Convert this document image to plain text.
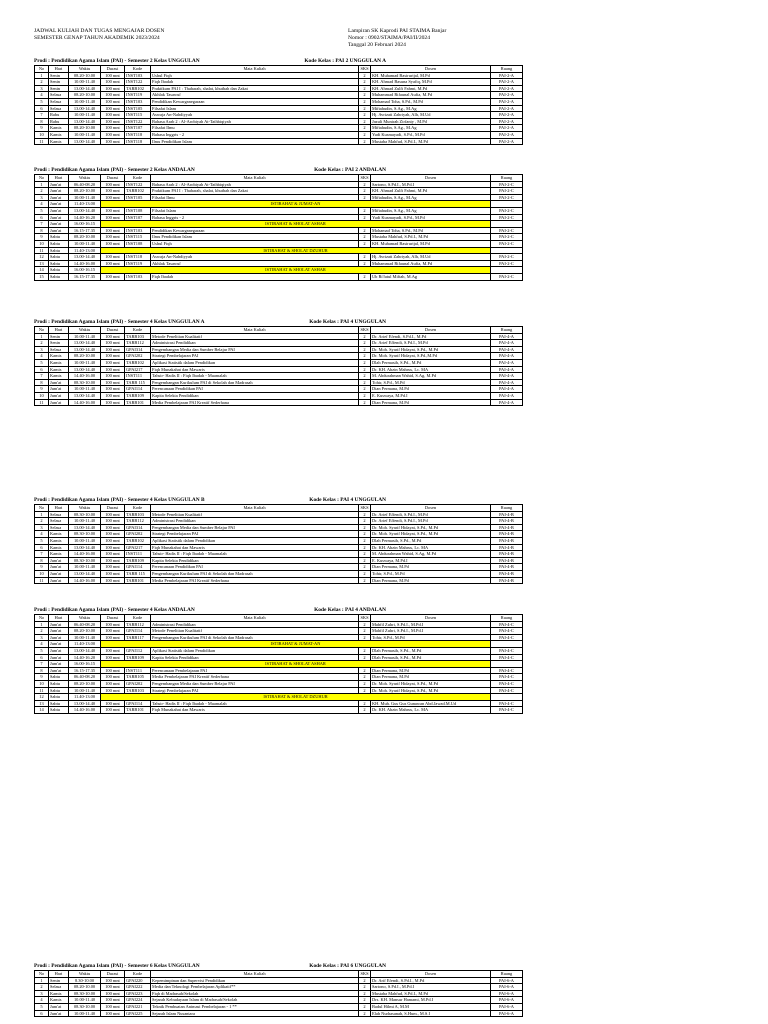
JADWAL KULIAH DAN TUGAS MENGAJAR DOSEN
SEMESTER GENAP TAHUN AKADEMIK 2023/2024
Lampiran SK Kaprodi PAI STAIMA Banjar
Nomor : 0902/STAIMA/PAI/II/2024
Tanggal 20 Februari 2024
Prodi : Pendidikan Agama Islam (PAI) - Semester 2 Kelas UNGGULAN	Kode Kelas : PAI 2 UNGGULAN A
No	Hari	Waktu	Durasi	Kode	Mata Kuliah	SKS	Dosen	Ruang
1	Senin	08.20-10.00	100 mnt	INST103	Ushul Fiqh	2	KH. Muhamad Basirurijal, M.Pd	PAI-2-A
2	Senin	10.00-11.40	100 mnt	INST122	Fiqh Ibadah	2	KH. Ahmad Basuna Syafiq, M.Pd	PAI-2-A
3	Senin	13.00-14.40	100 mnt	TARB102	Praktikum PAI I : Thaharah, shalat, khutbah dan Zakat	2	KH. Ahmad Zulfi Fahmi, M.Pd	PAI-2-A
4	Selasa	08.20-10.00	100 mnt	INST119	Akhlak Tasawuf	2	Muhammad Rifaunal Aufia, M.Pd	PAI-2-A
5	Selasa	10.00-11.40	100 mnt	INST103	Pendidikan Kewarganegaraan	2	Mohamad Toha, S.Pd., M.Pd	PAI-2-A
6	Selasa	13.00-14.40	100 mnt	INST105	Filsafat Islam	2	Miftahudin, S.Ag., M.Ag	PAI-2-A
7	Rabu	10.00-11.40	100 mnt	INST115	Aswaja An-Nahdiyyah	2	Hj. Avrizati Zahriyah, Alh, M.Ud	PAI-2-A
8	Rabu	13.00-14.40	100 mnt	INST122	Bahasa Arab 2 : Al-Arobiyah At-Tathbiqiyah	2	Jazuli Munirah Zirfaniy , M.Pd	PAI-2-A
9	Kamis	08.20-10.00	100 mnt	INST107	Filsafat Ilmu	2	Miftahudin, S.Ag., M.Ag	PAI-2-A
10	Kamis	10.00-11.40	100 mnt	INST118	Bahasa Inggris - 2	2	Yudi Kusmayadi, S.Pd., M.Pd	PAI-2-A
11	Kamis	13.00-14.40	100 mnt	INST118	Ilmu Pendidikan Islam	2	Mustaba Mahfud, S.Pd.I., M.Pd	PAI-2-A
Prodi : Pendidikan Agama Islam (PAI) - Semester 2 Kelas ANDALAN	Kode Kelas : PAI 2 ANDALAN
No	Hari	Waktu	Durasi	Kode	Mata Kuliah	SKS	Dosen	Ruang
1	Jum'at	06.40-08.20	100 mnt	INST122	Bahasa Arab 2 : Al-Arobiyah At-Tathbiqiyah	2	Sartono, S.Pd.I., M.Pd.I	PAI-2-C
2	Jum'at	08.20-10.00	100 mnt	TARB102	Praktikum PAI I : Thaharah, shalat, khutbah dan Zakat	2	KH. Ahmad Zulfi Fahmi, M.Pd	PAI-2-C
3	Jum'at	10.00-11.40	100 mnt	INST105	Filsafat Ilmu	2	Miftahudin, S.Ag., M.Ag	PAI-2-C
4	Jum'at	11.40-13.00	ISTIRAHAT & JUMAT-AN					
5	Jum'at	13.00-14.40	100 mnt	INST108	Filsafat Islam	2	Miftahudin, S.Ag., M.Ag	PAI-2-C
6	Jum'at	14.40-16.20	100 mnt	INST107	Bahasa Inggris - 2	2	Yudi Kusmayadi, S.Pd., M.Pd	PAI-2-C
7	Jum'at	16.00-16.15	ISTIRAHAT & SHOLAT ASHAR					
8	Jum'at	16.15-17.35	100 mnt	INST103	Pendidikan Kewarganegaraan	2	Mohamad Toha, S.Pd., M.Pd	PAI-2-C
9	Sabtu	08.20-10.00	100 mnt	INST115	Ilmu Pendidikan Islam	2	Mustaba Mahfud, S.Pd.I., M.Pd	PAI-2-C
10	Sabtu	10.00-11.40	100 mnt	INST108	Ushul Fiqh	2	KH. Muhamad Basirurijal, M.Pd	PAI-2-C
11	Sabtu	11.40-13.00	ISTIRAHAT & SHOLAT DZUHUR					
12	Sabtu	13.00-14.40	100 mnt	INST118	Aswaja An-Nahdiyyah	2	Hj. Avrizati Zahriyah, Alh, M.Ud	PAI-2-C
13	Sabtu	14.40-16.00	100 mnt	INST119	Akhlak Tasawuf	2	Muhammad Rifaunal Aufia, M.Pd	PAI-2-C
14	Sabtu	16.00-16.15	ISTIRAHAT & SHOLAT ASHAR					
15	Sabtu	16.15-17.35	100 mnt	INST103	Fiqh Ibadah	2	Ub Ri'fatul Miftah, M.Ag	PAI-2-C
Prodi : Pendidikan Agama Islam (PAI) - Semester 4 Kelas UNGGULAN A	Kode Kelas : PAI 4 UNGGULAN
No	Hari	Waktu	Durasi	Kode	Mata Kuliah	SKS	Dosen	Ruang
1	Senin	10.00-11.40	100 mnt	TARB103	Metode Penelitian Kualitatif	2	Dr. Arief Efendi, S.Pd.I., M.Pd	PAI-4-A
2	Senin	13.00-14.40	100 mnt	TARB112	Administrasi Pendidikan	2	Dr. Arief Effendi, S.Pd.I., M.Pd	PAI-4-A
3	Selasa	13.00-14.40	100 mnt	GPAI314	Pengembangan Media dan Sumber Belajar PAI	2	Dr. Moh. Syarif Hidayat, S.Pd., M.Pd	PAI-4-A
4	Kamis	08.20-10.00	100 mnt	GPAI202	Strategi Pembelajaran PAI	2	Dr. Moh. Syarif Hidayat, S.Pd.,M.Pd	PAI-4-A
5	Kamis	10.00-11.40	100 mnt	TARB102	Aplikasi Statistik dalam Pendidikan	2	Dlah Permasih, S.Pd., M.Pd	PAI-4-A
6	Kamis	13.00-14.40	100 mnt	GPAI217	Fiqh Munakahat dan Mawaris	2	Dr. KH. Abzin Mahrus, Lc. MA	PAI-4-A
7	Kamis	14.40-16.00	100 mnt	INST111	Tahsir- Hadis II : Fiqh Ibadah - Muamalah	2	M. Abdurahman Wahid, S.Ag, M.Pd	PAI-4-A
8	Jum'at	08.30-10.00	100 mnt	TARB 115	Pengembangan Kurikulum PAI di Sekolah dan Madrasah	2	Tohir, S.Pd., M.Pd	PAI-4-A
9	Jum'at	10.00-11.40	100 mnt	GPAI114	Perencanaan Pendidikan PAI	2	Dian Permana, M.Pd	PAI-4-A
10	Jum'at	13.00-14.40	100 mnt	TARB109	Kapita Selekta Pendidikan	2	E. Kuswaya, M.Pd.I	PAI-4-A
11	Jum'at	14.40-16.00	100 mnt	TARB101	Media Pembelajaran PAI Kreatif Sederhana	2	Dian Permana, M.Pd	PAI-4-A
Prodi : Pendidikan Agama Islam (PAI) - Semester 4 Kelas UNGGULAN B	Kode Kelas : PAI 4 UNGGULAN
No	Hari	Waktu	Durasi	Kode	Mata Kuliah	SKS	Dosen	Ruang
1	Selasa	08.30-10.00	100 mnt	TARB103	Metode Penelitian Kualitatif	2	Dr. Arief Effendi, S.Pd.I., M.Pd	PAI-4-B
2	Selasa	10.00-11.40	100 mnt	TARB112	Administrasi Pendidikan	2	Dr. Arief Effendi, S.Pd.I., M.Pd	PAI-4-B
3	Selasa	13.00-14.40	100 mnt	GPAI314	Pengembangan Media dan Sumber Belajar PAI	2	Dr. Moh. Syarif Hidayat, S.Pd., M.Pd	PAI-4-B
4	Kamis	08.30-10.00	100 mnt	GPAI202	Strategi Pembelajaran PAI	2	Dr. Moh. Syarif Hidayat, S.Pd., M.Pd	PAI-4-B
5	Kamis	10.00-11.40	100 mnt	TARB102	Aplikasi Statistik dalam Pendidikan	2	Dlah Permasih, S.Pd., M.Pd	PAI-4-B
6	Kamis	13.00-14.40	100 mnt	GPAI217	Fiqh Munakahat dan Mawaris	2	Dr. KH. Abzin Mahrus, Lc. MA	PAI-4-B
7	Kamis	14.40-16.00	100 mnt	INST111	Tahsir- Hadis II : Fiqh Ibadah - Muamalah	2	M. Abdurahman Wahid, S.Ag, M.Pd	PAI-4-B
8	Jum'at	08.30-10.00	100 mnt	TARB109	Kapita Selekta Pendidikan	2	E. Kuswaya, M.Pd.I	PAI-4-B
9	Jum'at	10.00-11.40	100 mnt	GPAI114	Perencanaan Pendidikan PAI	2	Dian Permana, M.Pd	PAI-4-B
10	Jum'at	13.00-14.40	100 mnt	TARB 115	Pengembangan Kurikulum PAI di Sekolah dan Madrasah	2	Tohir, S.Pd., M.Pd	PAI-4-B
11	Jum'at	14.40-16.00	100 mnt	TARB101	Media Pembelajaran PAI Kreatif Sederhana	2	Dian Permana, M.Pd	PAI-4-B
Prodi : Pendidikan Agama Islam (PAI) - Semester 4 Kelas ANDALAN	Kode Kelas : PAI 4 ANDALAN
No	Hari	Waktu	Durasi	Kode	Mata Kuliah	SKS	Dosen	Ruang
1	Jum'at	06.40-08.20	100 mnt	TARB112	Administrasi Pendidikan	2	Mahfil Zuhri, S.Pd.I., M.Pd.I	PAI-4-C
2	Jum'at	08.20-10.00	100 mnt	GPAI114	Metode Penelitian Kualitatif	2	Mahfil Zuhri, S.Pd.I., M.Pd.I	PAI-4-C
3	Jum'at	10.00-11.40	100 mnt	TARB117	Pengembangan Kurikulum PAI di Sekolah dan Madrasah	2	Tohir, S.Pd., M.Pd	PAI-4-C
4	Jum'at	11.40-13.00	ISTIRAHAT & JUMAT-AN					
5	Jum'at	13.00-14.40	100 mnt	GPAI112	Aplikasi Statistik dalam Pendidikan	2	Dlah Permasih, S.Pd., M.Pd	PAI-4-C
6	Jum'at	14.40-16.20	100 mnt	TARB109	Kapita Selekta Pendidikan	2	Dlah Permasih, S.Pd., M.Pd	PAI-4-C
7	Jum'at	16.00-16.15	ISTIRAHAT & SHOLAT ASHAR					
8	Jum'at	16.15-17.35	100 mnt	INST111	Perencanaan Pembelajaran PAI	2	Dian Permana, M.Pd	PAI-4-C
9	Sabtu	06.40-08.20	100 mnt	TARB105	Media Pembelajaran PAI Kreatif Sederhana	2	Dian Permana, M.Pd	PAI-4-C
10	Sabtu	08.20-10.00	100 mnt	GPAI202	Pengembangan Media dan Sumber Belajar PAI	2	Dr. Moh. Syarif Hidayat, S.Pd., M.Pd	PAI-4-C
11	Sabtu	10.00-11.40	100 mnt	TARB103	Strategi Pembelajaran PAI	2	Dr. Moh. Syarif Hidayat, S.Pd., M.Pd	PAI-4-C
12	Sabtu	11.40-13.00	ISTIRAHAT & SHOLAT DZUHUR					
13	Sabtu	13.00-14.40	100 mnt	GPAI114	Tahsir- Hadis II : Fiqh Ibadah - Muamalah	2	KH. Muh. Gus Gus Gunawan Abd.Jawad.M.Ud	PAI-4-C
14	Sabtu	14.40-16.00	100 mnt	TARB101	Fiqh Munakahat dan Mawaris	2	Dr. KH. Abzin Mahrus, Lc. MA	PAI-4-C
Prodi : Pendidikan Agama Islam (PAI) - Semester 6 Kelas UNGGULAN	Kode Kelas : PAI 6 UNGGULAN
No	Hari	Waktu	Durasi	Kode	Mata Kuliah	SKS	Dosen	Ruang
1	Senin	8.30-10.00	100 mnt	GPAI220	Kepemimpinan dan Supervisi Pendidikan	2	Dr. Arif Efendi, S.Pd.I., M.Pd	PAI-6-A
2	Selasa	08.20-10.00	100 mnt	GPAI222	Media dan Teknologi Pembelajaran Aplikatif**	2	Sartono, S.Pd.I., M.Pd.I	PAI-6-A
3	Kamis	08.30-10.00	100 mnt	GPAI223	Fiqh di Madrasah/Sekolah	2	Mustaba Mahfud, S.Pd.I., M.Pd	PAI-6-A
4	Kamis	10.00-11.40	100 mnt	GPAI224	Sejarah Kebudayaan Islam di Madrasah/Sekolah	2	Drs. KH. Mansur Hamami, M.Pd.I	PAI-6-A
5	Jum'at	08.30-10.00	100 mnt	GPAI221	Teknik Pembuatan Animasi Pembelajaran - 1 **	2	Badul Hilmi A, M.M	PAI-6-A
6	Jum'at	10.00-11.40	100 mnt	GPAI225	Sejarah Islam Nusantara	2	Elah Nurhasanah, S.Hum., M.S.I	PAI-6-A
